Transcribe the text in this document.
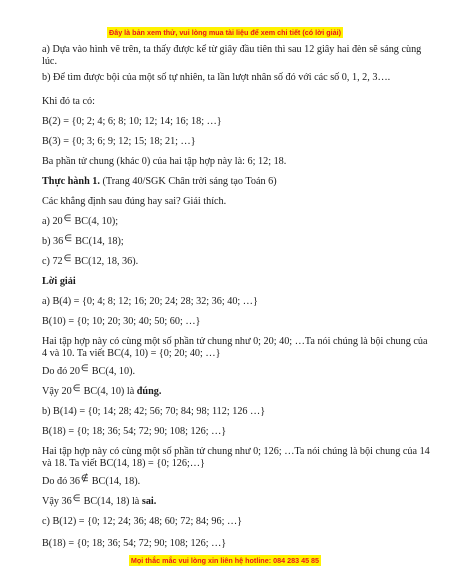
Đây là bản xem thử, vui lòng mua tài liệu để xem chi tiết (có lời giải)
a) Dựa vào hình vẽ trên, ta thấy được kể từ giây đầu tiên thì sau 12 giây hai đèn sẽ sáng cùng lúc.
b) Để tìm được bội của một số tự nhiên, ta lần lượt nhân số đó với các số 0, 1, 2, 3….
Khi đó ta có:
B(2) = {0; 2; 4; 6; 8; 10; 12; 14; 16; 18; …}
B(3) = {0; 3; 6; 9; 12; 15; 18; 21; …}
Ba phần tử chung (khác 0) của hai tập hợp này là: 6; 12; 18.
Thực hành 1. (Trang 40/SGK Chân trời sáng tạo Toán 6)
Các khẳng định sau đúng hay sai? Giải thích.
a) 20∈ BC(4, 10);
b) 36∈ BC(14, 18);
c) 72∈ BC(12, 18, 36).
Lời giải
a) B(4) = {0; 4; 8; 12; 16; 20; 24; 28; 32; 36; 40; …}
B(10) = {0; 10; 20; 30; 40; 50; 60; …}
Hai tập hợp này có cùng một số phần tử chung như 0; 20; 40; …Ta nói chúng là bội chung của 4 và 10. Ta viết BC(4, 10) = {0; 20; 40; …}
Do đó 20∈ BC(4, 10).
Vậy 20∈ BC(4, 10) là đúng.
b) B(14) = {0; 14; 28; 42; 56; 70; 84; 98; 112; 126 …}
B(18) = {0; 18; 36; 54; 72; 90; 108; 126; …}
Hai tập hợp này có cùng một số phần tử chung như 0; 126; …Ta nói chúng là bội chung của 14 và 18. Ta viết BC(14, 18) = {0; 126;…}
Do đó 36∉ BC(14, 18).
Vậy 36∈ BC(14, 18) là sai.
c) B(12) = {0; 12; 24; 36; 48; 60; 72; 84; 96; …}
B(18) = {0; 18; 36; 54; 72; 90; 108; 126; …}
Mọi thắc mắc vui lòng xin liên hệ hotline: 084 283 45 85
